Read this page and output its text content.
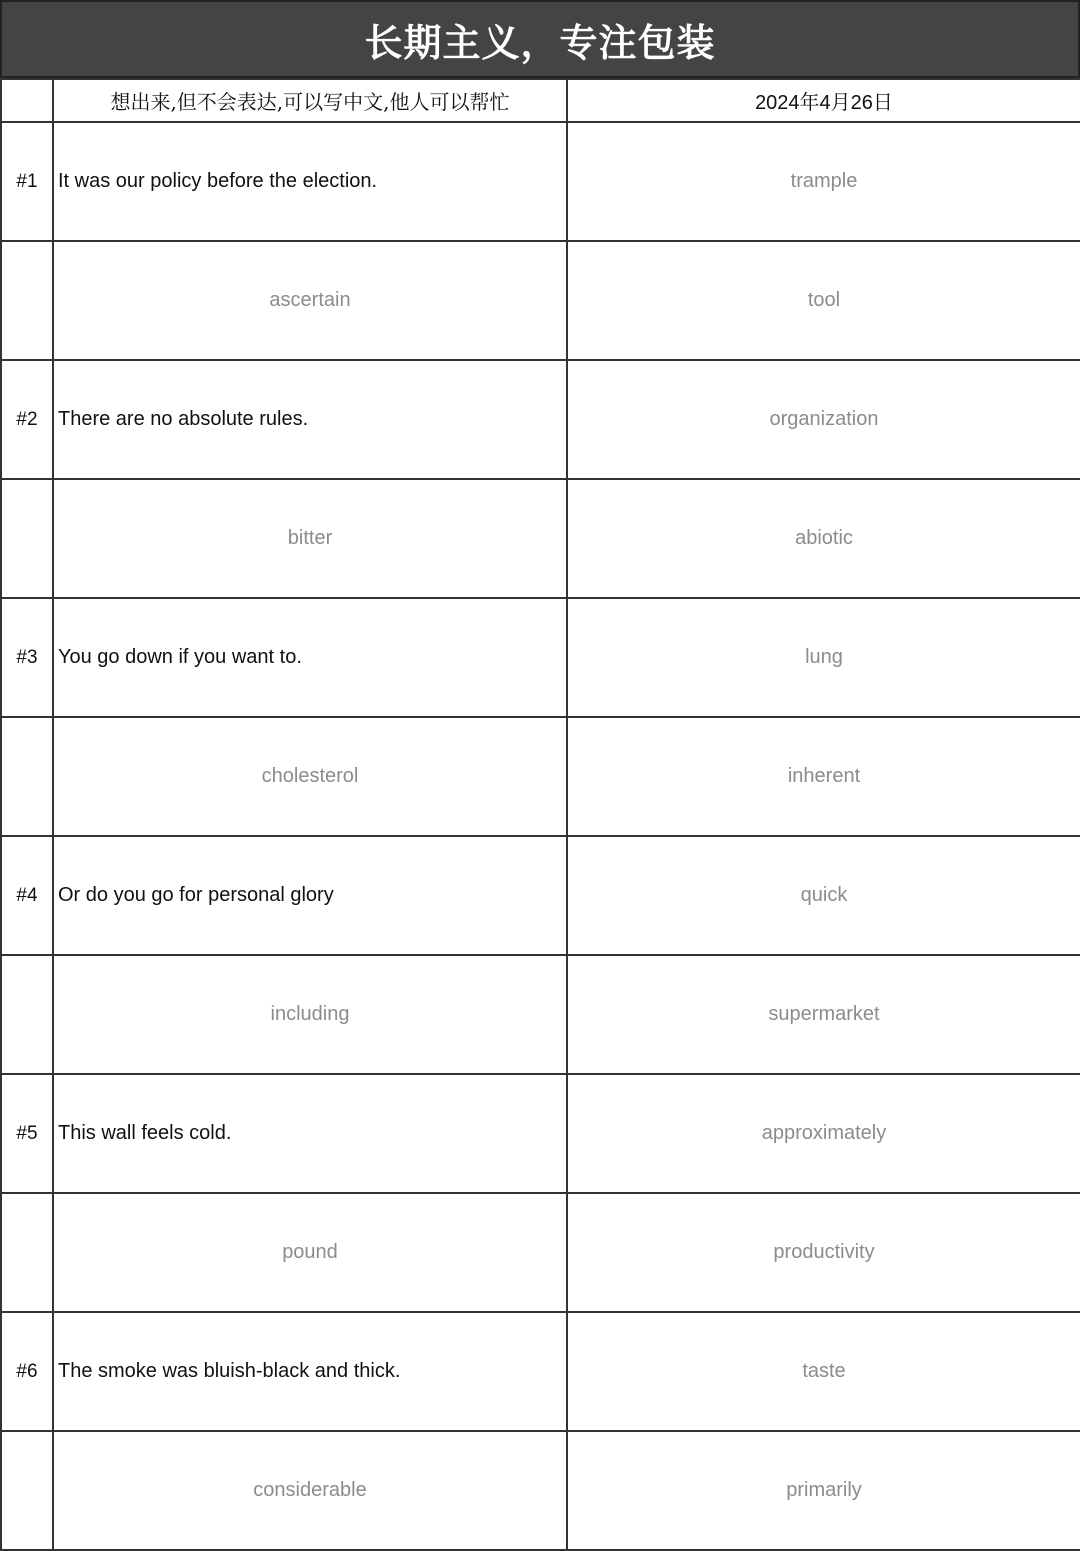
长期主义，专注包装
	想出来,但不会表达,可以写中文,他人可以帮忙	2024年4月26日
#1	It was our policy before the election.	trample
	ascertain	tool
#2	There are no absolute rules.	organization
	bitter	abiotic
#3	You go down if you want to.	lung
	cholesterol	inherent
#4	Or do you go for personal glory	quick
	including	supermarket
#5	This wall feels cold.	approximately
	pound	productivity
#6	The smoke was bluish-black and thick.	taste
	considerable	primarily
